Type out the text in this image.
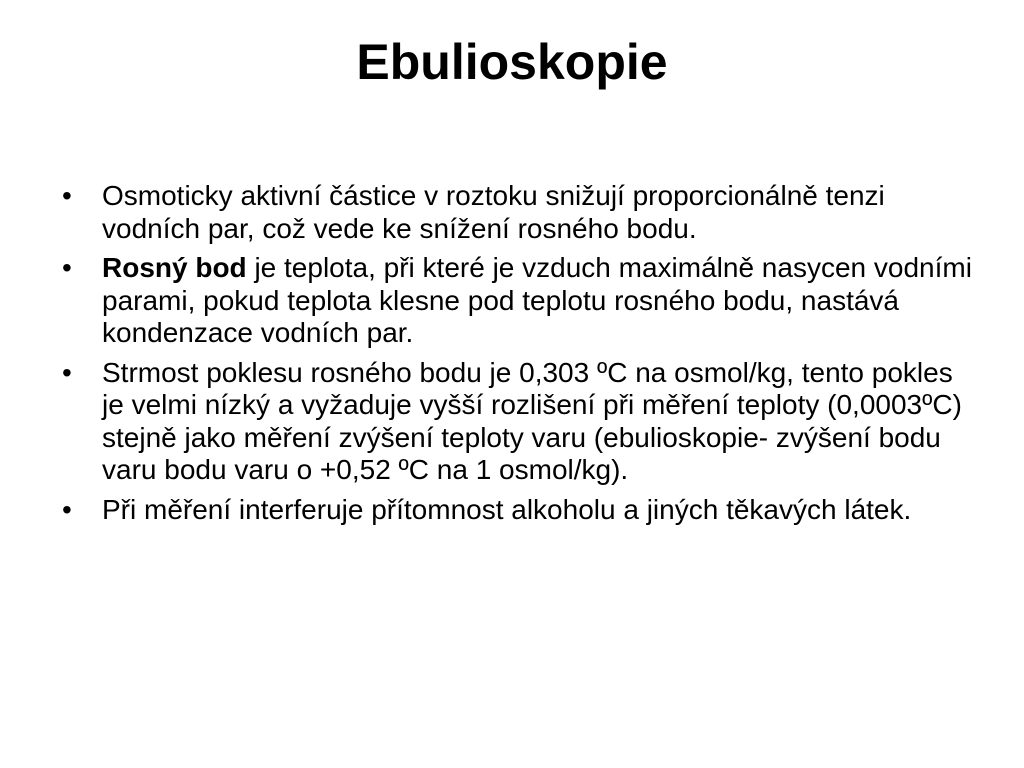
Ebulioskopie
•	Osmoticky aktivní částice v roztoku snižují proporcionálně tenzi vodních par, což vede ke snížení rosného bodu.
•	Rosný bod je teplota, při které je vzduch maximálně nasycen vodními parami, pokud teplota klesne pod teplotu rosného bodu, nastává kondenzace vodních par.
•	Strmost poklesu rosného bodu je 0,303 ºC na osmol/kg, tento pokles je velmi nízký a vyžaduje vyšší rozlišení při měření teploty (0,0003ºC) stejně jako měření zvýšení teploty varu (ebulioskopie- zvýšení bodu varu bodu varu o +0,52 ºC na 1 osmol/kg).
•	Při měření interferuje přítomnost alkoholu a jiných těkavých látek.
